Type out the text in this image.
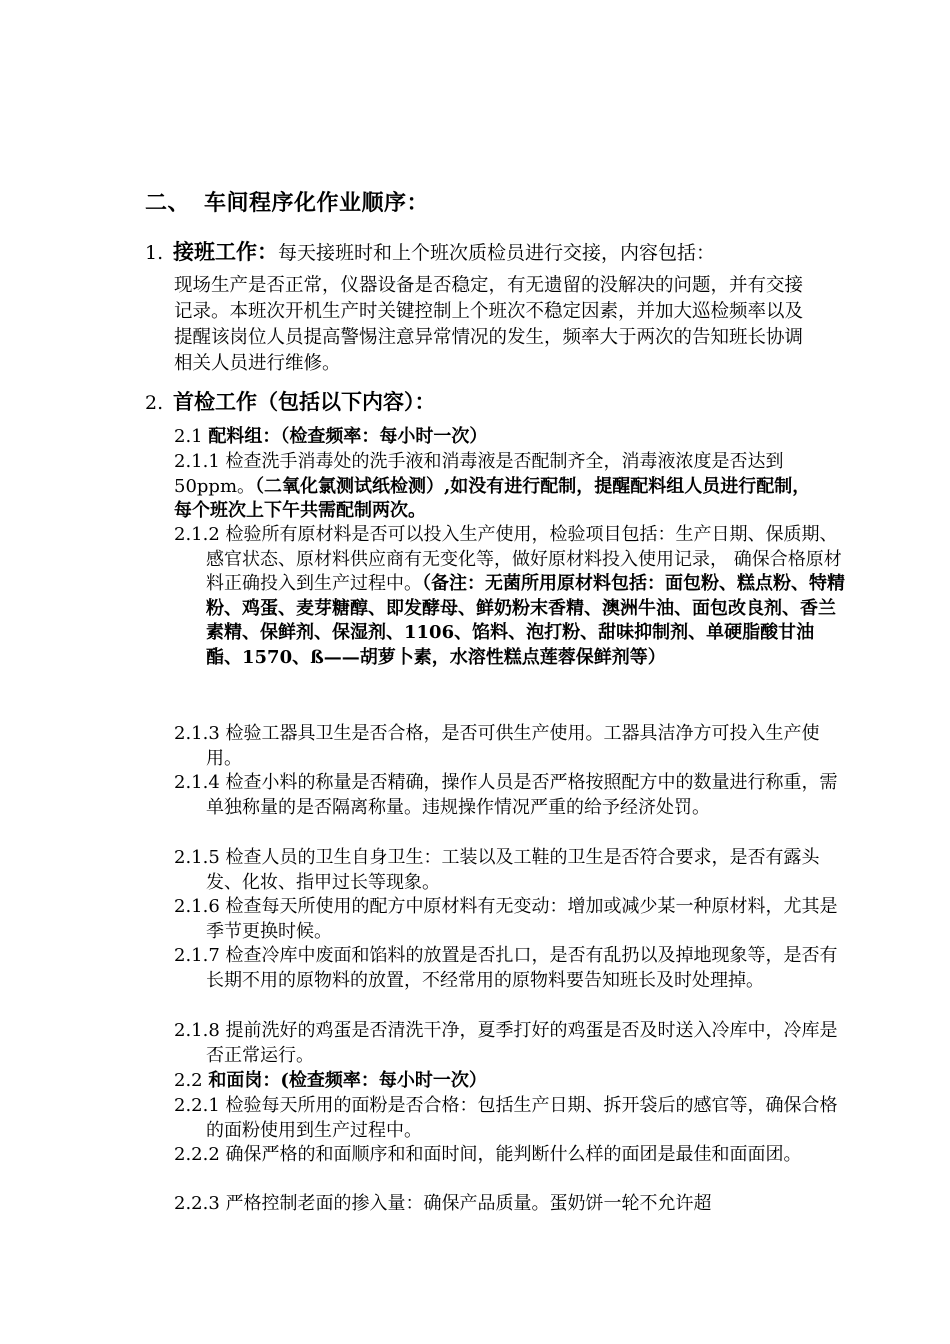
二、 车间程序化作业顺序：
1. 接班工作：每天接班时和上个班次质检员进行交接，内容包括：
现场生产是否正常，仪器设备是否稳定，有无遗留的没解决的问题，并有交接记录。本班次开机生产时关键控制上个班次不稳定因素，并加大巡检频率以及提醒该岗位人员提高警惕注意异常情况的发生，频率大于两次的告知班长协调相关人员进行维修。
2. 首检工作（包括以下内容）：
2.1 配料组：（检查频率：每小时一次）
2.1.1 检查洗手消毒处的洗手液和消毒液是否配制齐全，消毒液浓度是否达到50ppm。（二氧化氯测试纸检测）,如没有进行配制，提醒配料组人员进行配制，每个班次上下午共需配制两次。
2.1.2 检验所有原材料是否可以投入生产使用，检验项目包括：生产日期、保质期、感官状态、原材料供应商有无变化等，做好原材料投入使用记录， 确保合格原材料正确投入到生产过程中。（备注：无菌所用原材料包括：面包粉、糕点粉、特精粉、鸡蛋、麦芽糖醇、即发酵母、鲜奶粉末香精、澳洲牛油、面包改良剂、香兰素精、保鲜剂、保湿剂、1106、馅料、泡打粉、甜味抑制剂、单硬脂酸甘油酯、1570、ß——胡萝卜素，水溶性糕点莲蓉保鲜剂等）
2.1.3 检验工器具卫生是否合格，是否可供生产使用。工器具洁净方可投入生产使用。
2.1.4 检查小料的称量是否精确，操作人员是否严格按照配方中的数量进行称重，需单独称量的是否隔离称量。违规操作情况严重的给予经济处罚。
2.1.5 检查人员的卫生自身卫生：工装以及工鞋的卫生是否符合要求，是否有露头发、化妆、指甲过长等现象。
2.1.6 检查每天所使用的配方中原材料有无变动：增加或减少某一种原材料，尤其是季节更换时候。
2.1.7 检查冷库中废面和馅料的放置是否扎口，是否有乱扔以及掉地现象等，是否有长期不用的原物料的放置，不经常用的原物料要告知班长及时处理掉。
2.1.8 提前洗好的鸡蛋是否清洗干净，夏季打好的鸡蛋是否及时送入冷库中，冷库是否正常运行。
2.2 和面岗：(检查频率：每小时一次）
2.2.1 检验每天所用的面粉是否合格：包括生产日期、拆开袋后的感官等，确保合格的面粉使用到生产过程中。
2.2.2 确保严格的和面顺序和和面时间，能判断什么样的面团是最佳和面面团。
2.2.3 严格控制老面的掺入量：确保产品质量。蛋奶饼一轮不允许超
